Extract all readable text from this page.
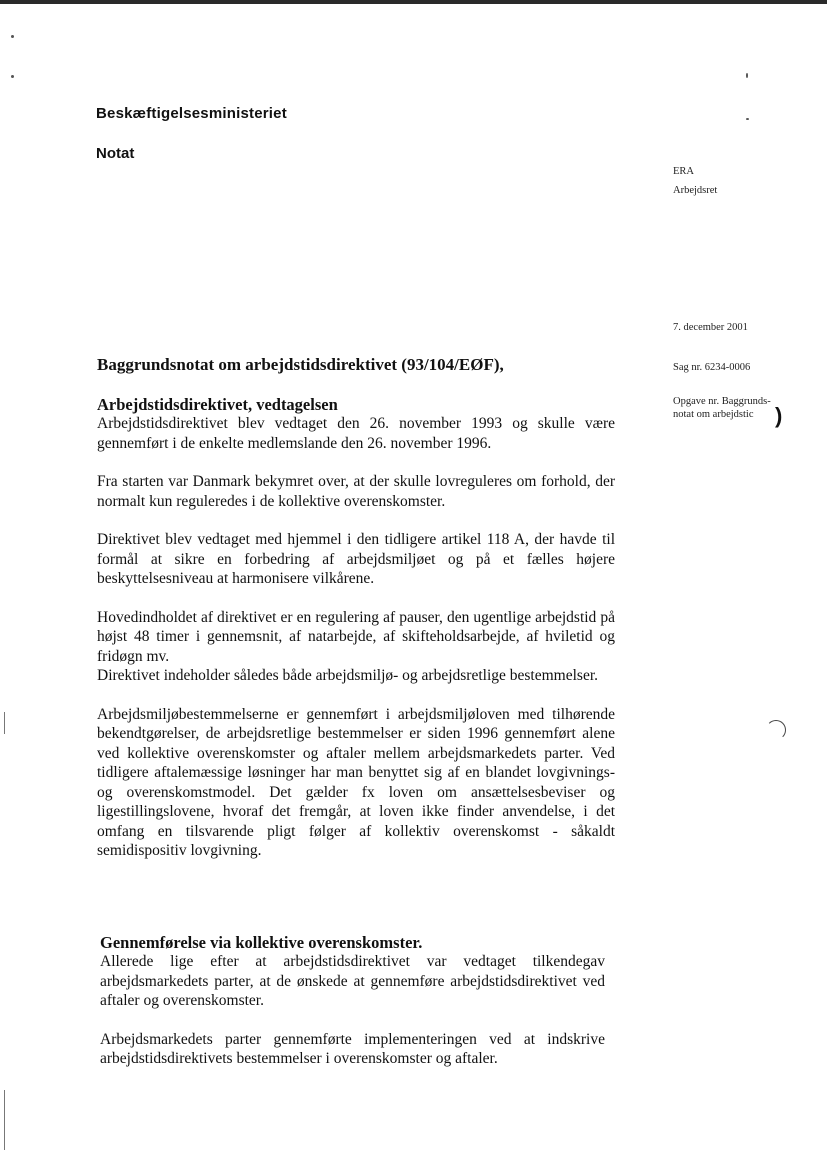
Beskæftigelsesministeriet
Notat
ERA
Arbejdsret
7. december 2001
Sag nr. 6234-0006
Opgave nr. Baggrunds-
notat om arbejdstic )
Baggrundsnotat om arbejdstidsdirektivet (93/104/EØF),
Arbejdstidsdirektivet, vedtagelsen

Arbejdstidsdirektivet blev vedtaget den 26. november 1993 og skulle være gennemført i de enkelte medlemslande den 26. november 1996.

Fra starten var Danmark bekymret over, at der skulle lovreguleres om forhold, der normalt kun reguleredes i de kollektive overenskomster.

Direktivet blev vedtaget med hjemmel i den tidligere artikel 118 A, der havde til formål at sikre en forbedring af arbejdsmiljøet og på et fælles højere beskyttelsesniveau at harmonisere vilkårene.

Hovedindholdet af direktivet er en regulering af pauser, den ugentlige arbejdstid på højst 48 timer i gennemsnit, af natarbejde, af skifteholdsarbejde, af hviletid og fridøgn mv.

Direktivet indeholder således både arbejdsmiljø- og arbejdsretlige bestemmelser.

Arbejdsmiljøbestemmelserne er gennemført i arbejdsmiljøloven med tilhørende bekendtgørelser, de arbejdsretlige bestemmelser er siden 1996 gennemført alene ved kollektive overenskomster og aftaler mellem arbejdsmarkedets parter. Ved tidligere aftalemæssige løsninger har man benyttet sig af en blandet lovgivnings- og overenskomstmodel. Det gælder fx loven om ansættelsesbeviser og ligestillingslovene, hvoraf det fremgår, at loven ikke finder anvendelse, i det omfang en tilsvarende pligt følger af kollektiv overenskomst - såkaldt semidispositiv lovgivning.

Gennemførelse via kollektive overenskomster.

Allerede lige efter at arbejdstidsdirektivet var vedtaget tilkendegav arbejdsmarkedets parter, at de ønskede at gennemføre arbejdstidsdirektivet ved aftaler og overenskomster.

Arbejdsmarkedets parter gennemførte implementeringen ved at indskrive arbejdstidsdirektivets bestemmelser i overenskomster og aftaler.
